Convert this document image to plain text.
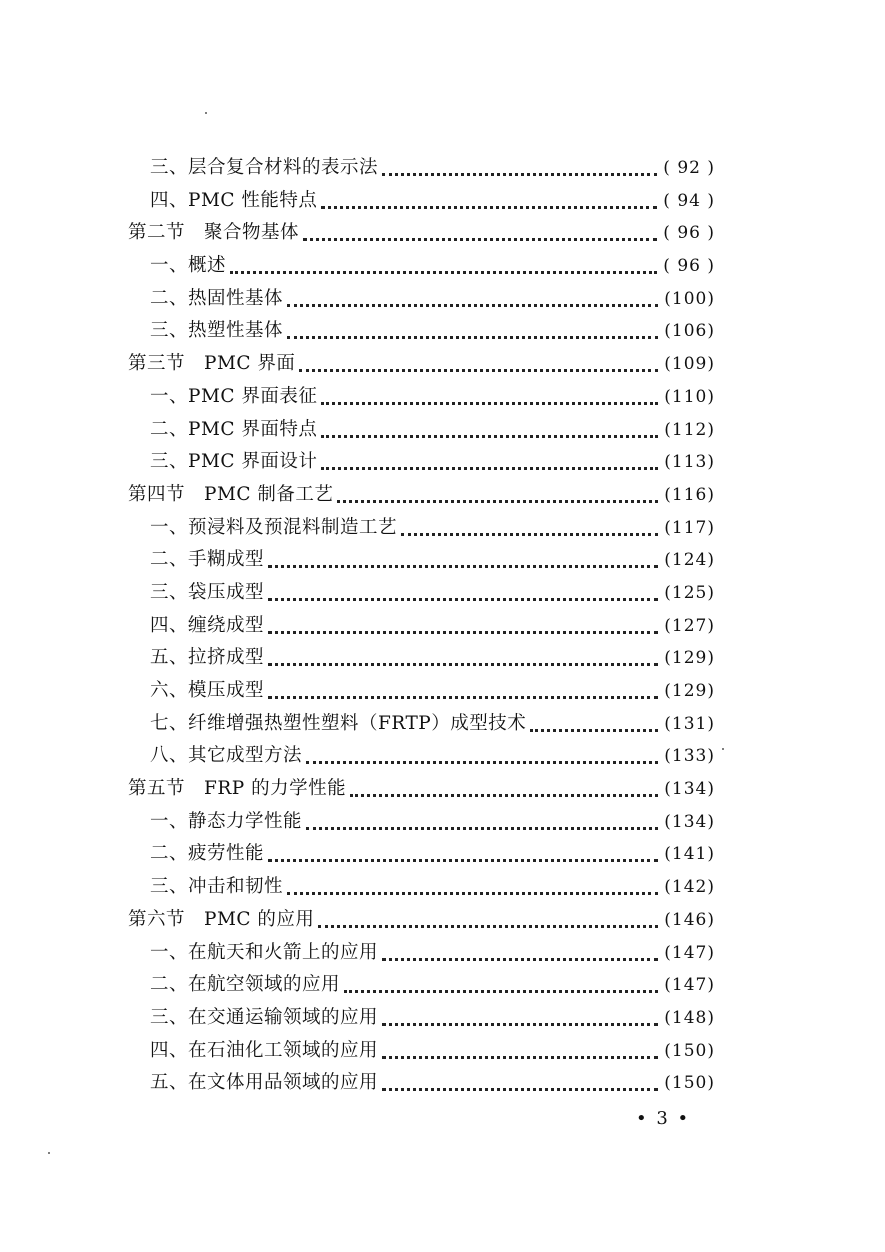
三、层合复合材料的表示法	( 92 )
四、PMC 性能特点	( 94 )
第二节　聚合物基体	( 96 )
一、概述	( 96 )
二、热固性基体	(100)
三、热塑性基体	(106)
第三节　PMC 界面	(109)
一、PMC 界面表征	(110)
二、PMC 界面特点	(112)
三、PMC 界面设计	(113)
第四节　PMC 制备工艺	(116)
一、预浸料及预混料制造工艺	(117)
二、手糊成型	(124)
三、袋压成型	(125)
四、缠绕成型	(127)
五、拉挤成型	(129)
六、模压成型	(129)
七、纤维增强热塑性塑料（FRTP）成型技术	(131)
八、其它成型方法	(133)
第五节　FRP 的力学性能	(134)
一、静态力学性能	(134)
二、疲劳性能	(141)
三、冲击和韧性	(142)
第六节　PMC 的应用	(146)
一、在航天和火箭上的应用	(147)
二、在航空领域的应用	(147)
三、在交通运输领域的应用	(148)
四、在石油化工领域的应用	(150)
五、在文体用品领域的应用	(150)
• 3 •
